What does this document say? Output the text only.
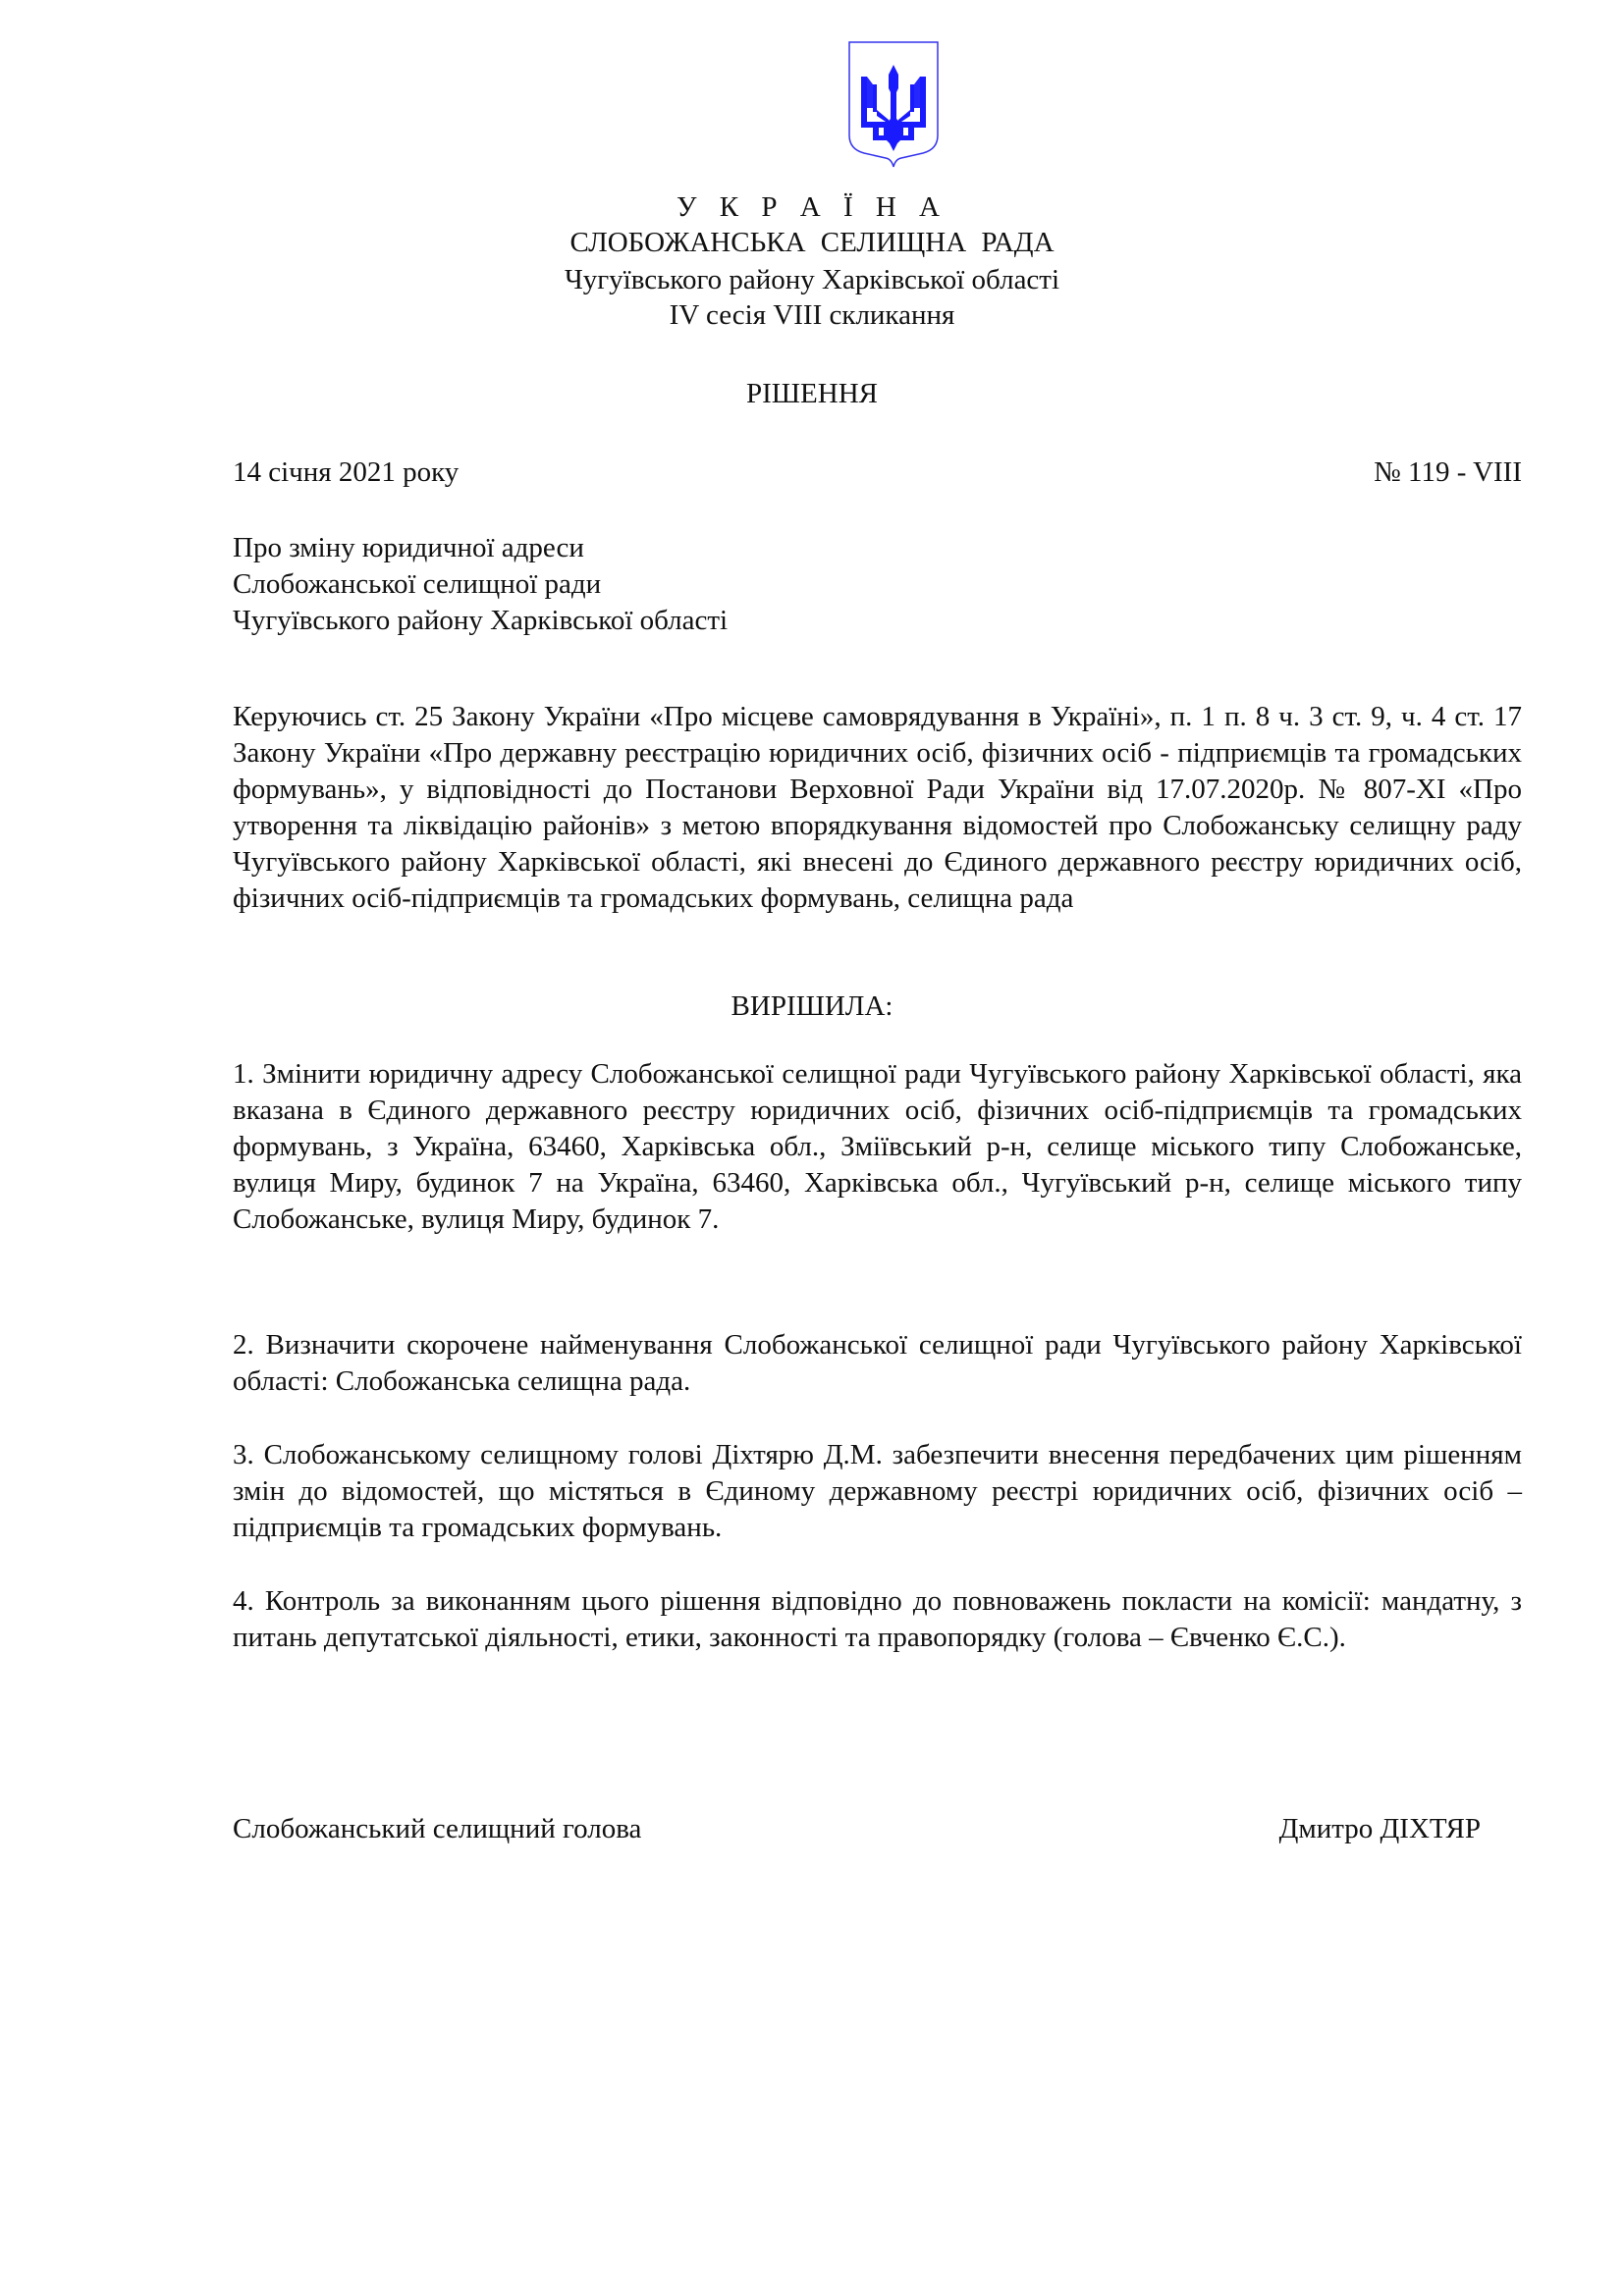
У К Р А Ї Н А
СЛОБОЖАНСЬКА СЕЛИЩНА РАДА
Чугуївського району Харківської області
IV сесія VIII скликання
РІШЕННЯ
14 січня 2021 року	№ 119 - VIII
Про зміну юридичної адреси
Слобожанської селищної ради
Чугуївського району Харківської області
Керуючись ст. 25 Закону України «Про місцеве самоврядування в Україні», п. 1 п. 8 ч. 3 ст. 9, ч. 4 ст. 17 Закону України «Про державну реєстрацію юридичних осіб, фізичних осіб - підприємців та громадських формувань», у відповідності до Постанови Верховної Ради України від 17.07.2020р. № 807-ХІ «Про утворення та ліквідацію районів» з метою впорядкування відомостей про Слобожанську селищну раду Чугуївського району Харківської області, які внесені до Єдиного державного реєстру юридичних осіб, фізичних осіб-підприємців та громадських формувань, селищна рада
ВИРІШИЛА:
1. Змінити юридичну адресу Слобожанської селищної ради Чугуївського району Харківської області, яка вказана в Єдиного державного реєстру юридичних осіб, фізичних осіб-підприємців та громадських формувань, з Україна, 63460, Харківська обл., Зміївський р-н, селище міського типу Слобожанське, вулиця Миру, будинок 7 на Україна, 63460, Харківська обл., Чугуївський р-н, селище міського типу Слобожанське, вулиця Миру, будинок 7.
2. Визначити скорочене найменування Слобожанської селищної ради Чугуївського району Харківської області: Слобожанська селищна рада.
3. Слобожанському селищному голові Діхтярю Д.М. забезпечити внесення передбачених цим рішенням змін до відомостей, що містяться в Єдиному державному реєстрі юридичних осіб, фізичних осіб – підприємців та громадських формувань.
4. Контроль за виконанням цього рішення відповідно до повноважень покласти на комісії: мандатну, з питань депутатської діяльності, етики, законності та правопорядку (голова – Євченко Є.С.).
Слобожанський селищний голова	Дмитро ДІХТЯР
